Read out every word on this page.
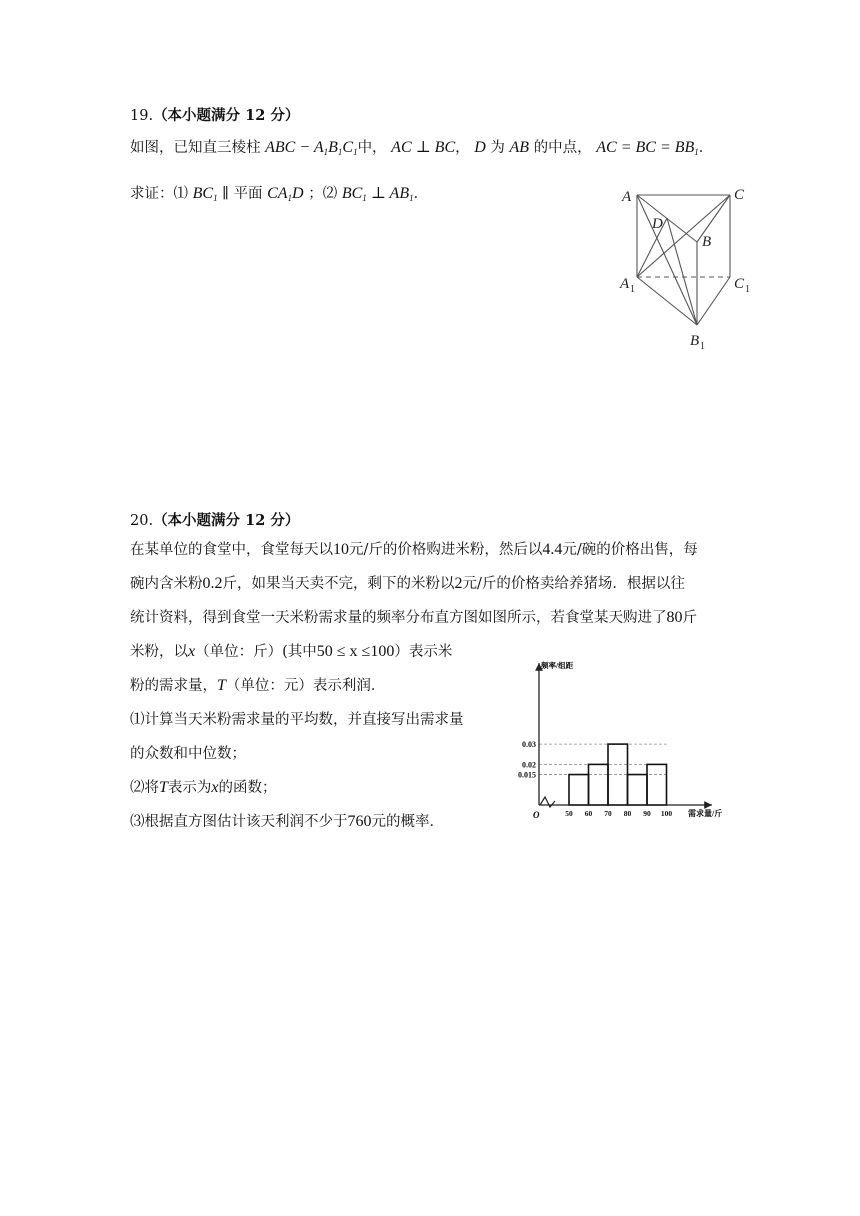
19.（本小题满分 12 分）
如图，已知直三棱柱 ABC − $A_1B_1C_1$中， AC ⊥ BC， D 为 AB 的中点， AC = BC = $BB_1$．
求证：⑴ $BC_1$ ∥ 平面 $CA_1D$ ；⑵ $BC_1$ ⊥ $AB_1$．	A	C
D
B
A 1	C 1
B 1
20.（本小题满分 12 分）
在某单位的食堂中，食堂每天以10元/斤的价格购进米粉，然后以4.4元/碗的价格出售，每
碗内含米粉0.2斤，如果当天卖不完，剩下的米粉以2元/斤的价格卖给养猪场．根据以往
统计资料，得到食堂一天米粉需求量的频率分布直方图如图所示，若食堂某天购进了80斤
米粉，以x（单位：斤）(其中50 ≤ x ≤100）表示米
粉的需求量，T（单位：元）表示利润．
⑴计算当天米粉需求量的平均数，并直接写出需求量
的众数和中位数；
⑵将T表示为x的函数；
⑶根据直方图估计该天利润不少于760元的概率．
频率/组距
需求量/斤
O
0.03
0.02
0.015
50 60 70 80 90 100
